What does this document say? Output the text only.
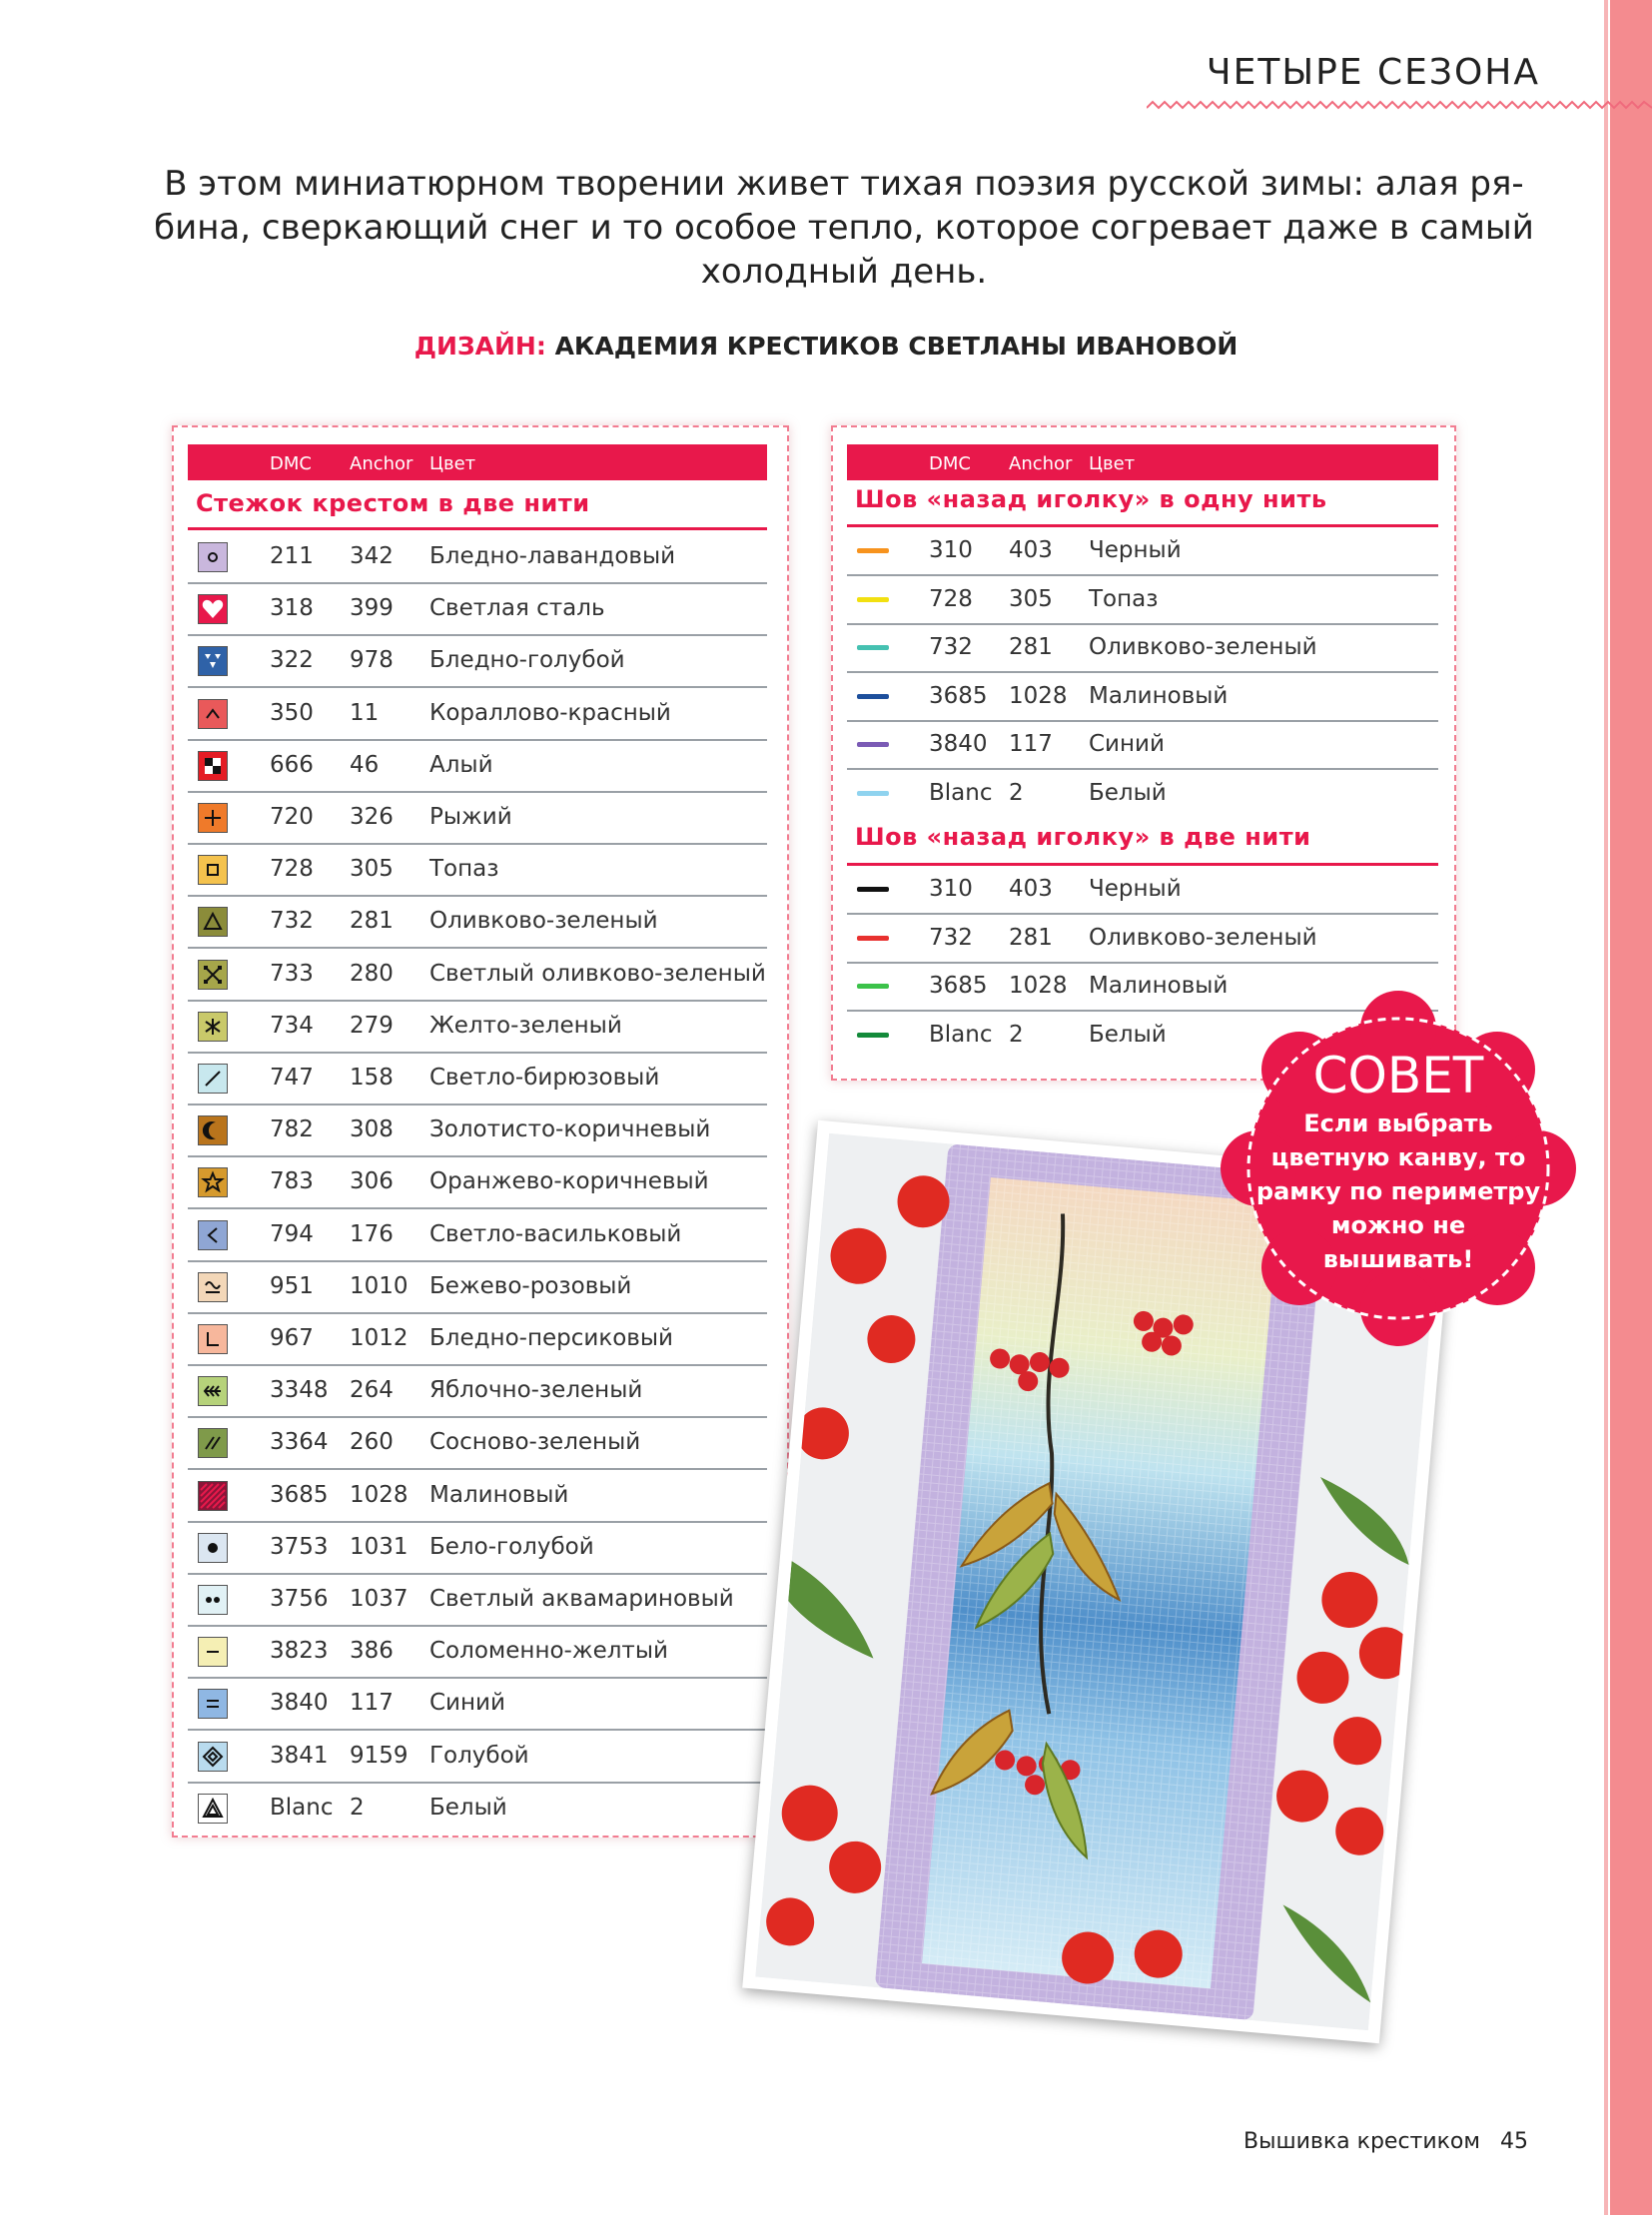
ЧЕТЫРЕ СЕЗОНА
В этом миниатюрном творении живет тихая поэзия русской зимы: алая ря-
бина, сверкающий снег и то особое тепло, которое согревает даже в самый
холодный день.
ДИЗАЙН: АКАДЕМИЯ КРЕСТИКОВ СВЕТЛАНЫ ИВАНОВОЙ
DMC Anchor Цвет
Стежок крестом в две нити
211 342 Бледно-лавандовый
318 399 Светлая сталь
322 978 Бледно-голубой
350 11 Кораллово-красный
666 46 Алый
720 326 Рыжий
728 305 Топаз
732 281 Оливково-зеленый
733 280 Светлый оливково-зеленый
734 279 Желто-зеленый
747 158 Светло-бирюзовый
782 308 Золотисто-коричневый
783 306 Оранжево-коричневый
794 176 Светло-васильковый
951 1010 Бежево-розовый
967 1012 Бледно-персиковый
3348 264 Яблочно-зеленый
3364 260 Сосново-зеленый
3685 1028 Малиновый
3753 1031 Бело-голубой
3756 1037 Светлый аквамариновый
3823 386 Соломенно-желтый
3840 117 Синий
3841 9159 Голубой
Blanc 2	Белый
DMC Anchor Цвет
Шов «назад иголку» в одну нить
310 403 Черный
728 305 Топаз
732 281 Оливково-зеленый
3685 1028 Малиновый
3840 117 Синий
Blanc 2	Белый
Шов «назад иголку» в две нити
310 403 Черный
732 281 Оливково-зеленый
3685 1028 Малиновый
Blanc 2	Белый
СОВЕТ
Если выбрать
цветную канву, то
рамку по периметру
можно не
вышивать!
Вышивка крестиком 45
